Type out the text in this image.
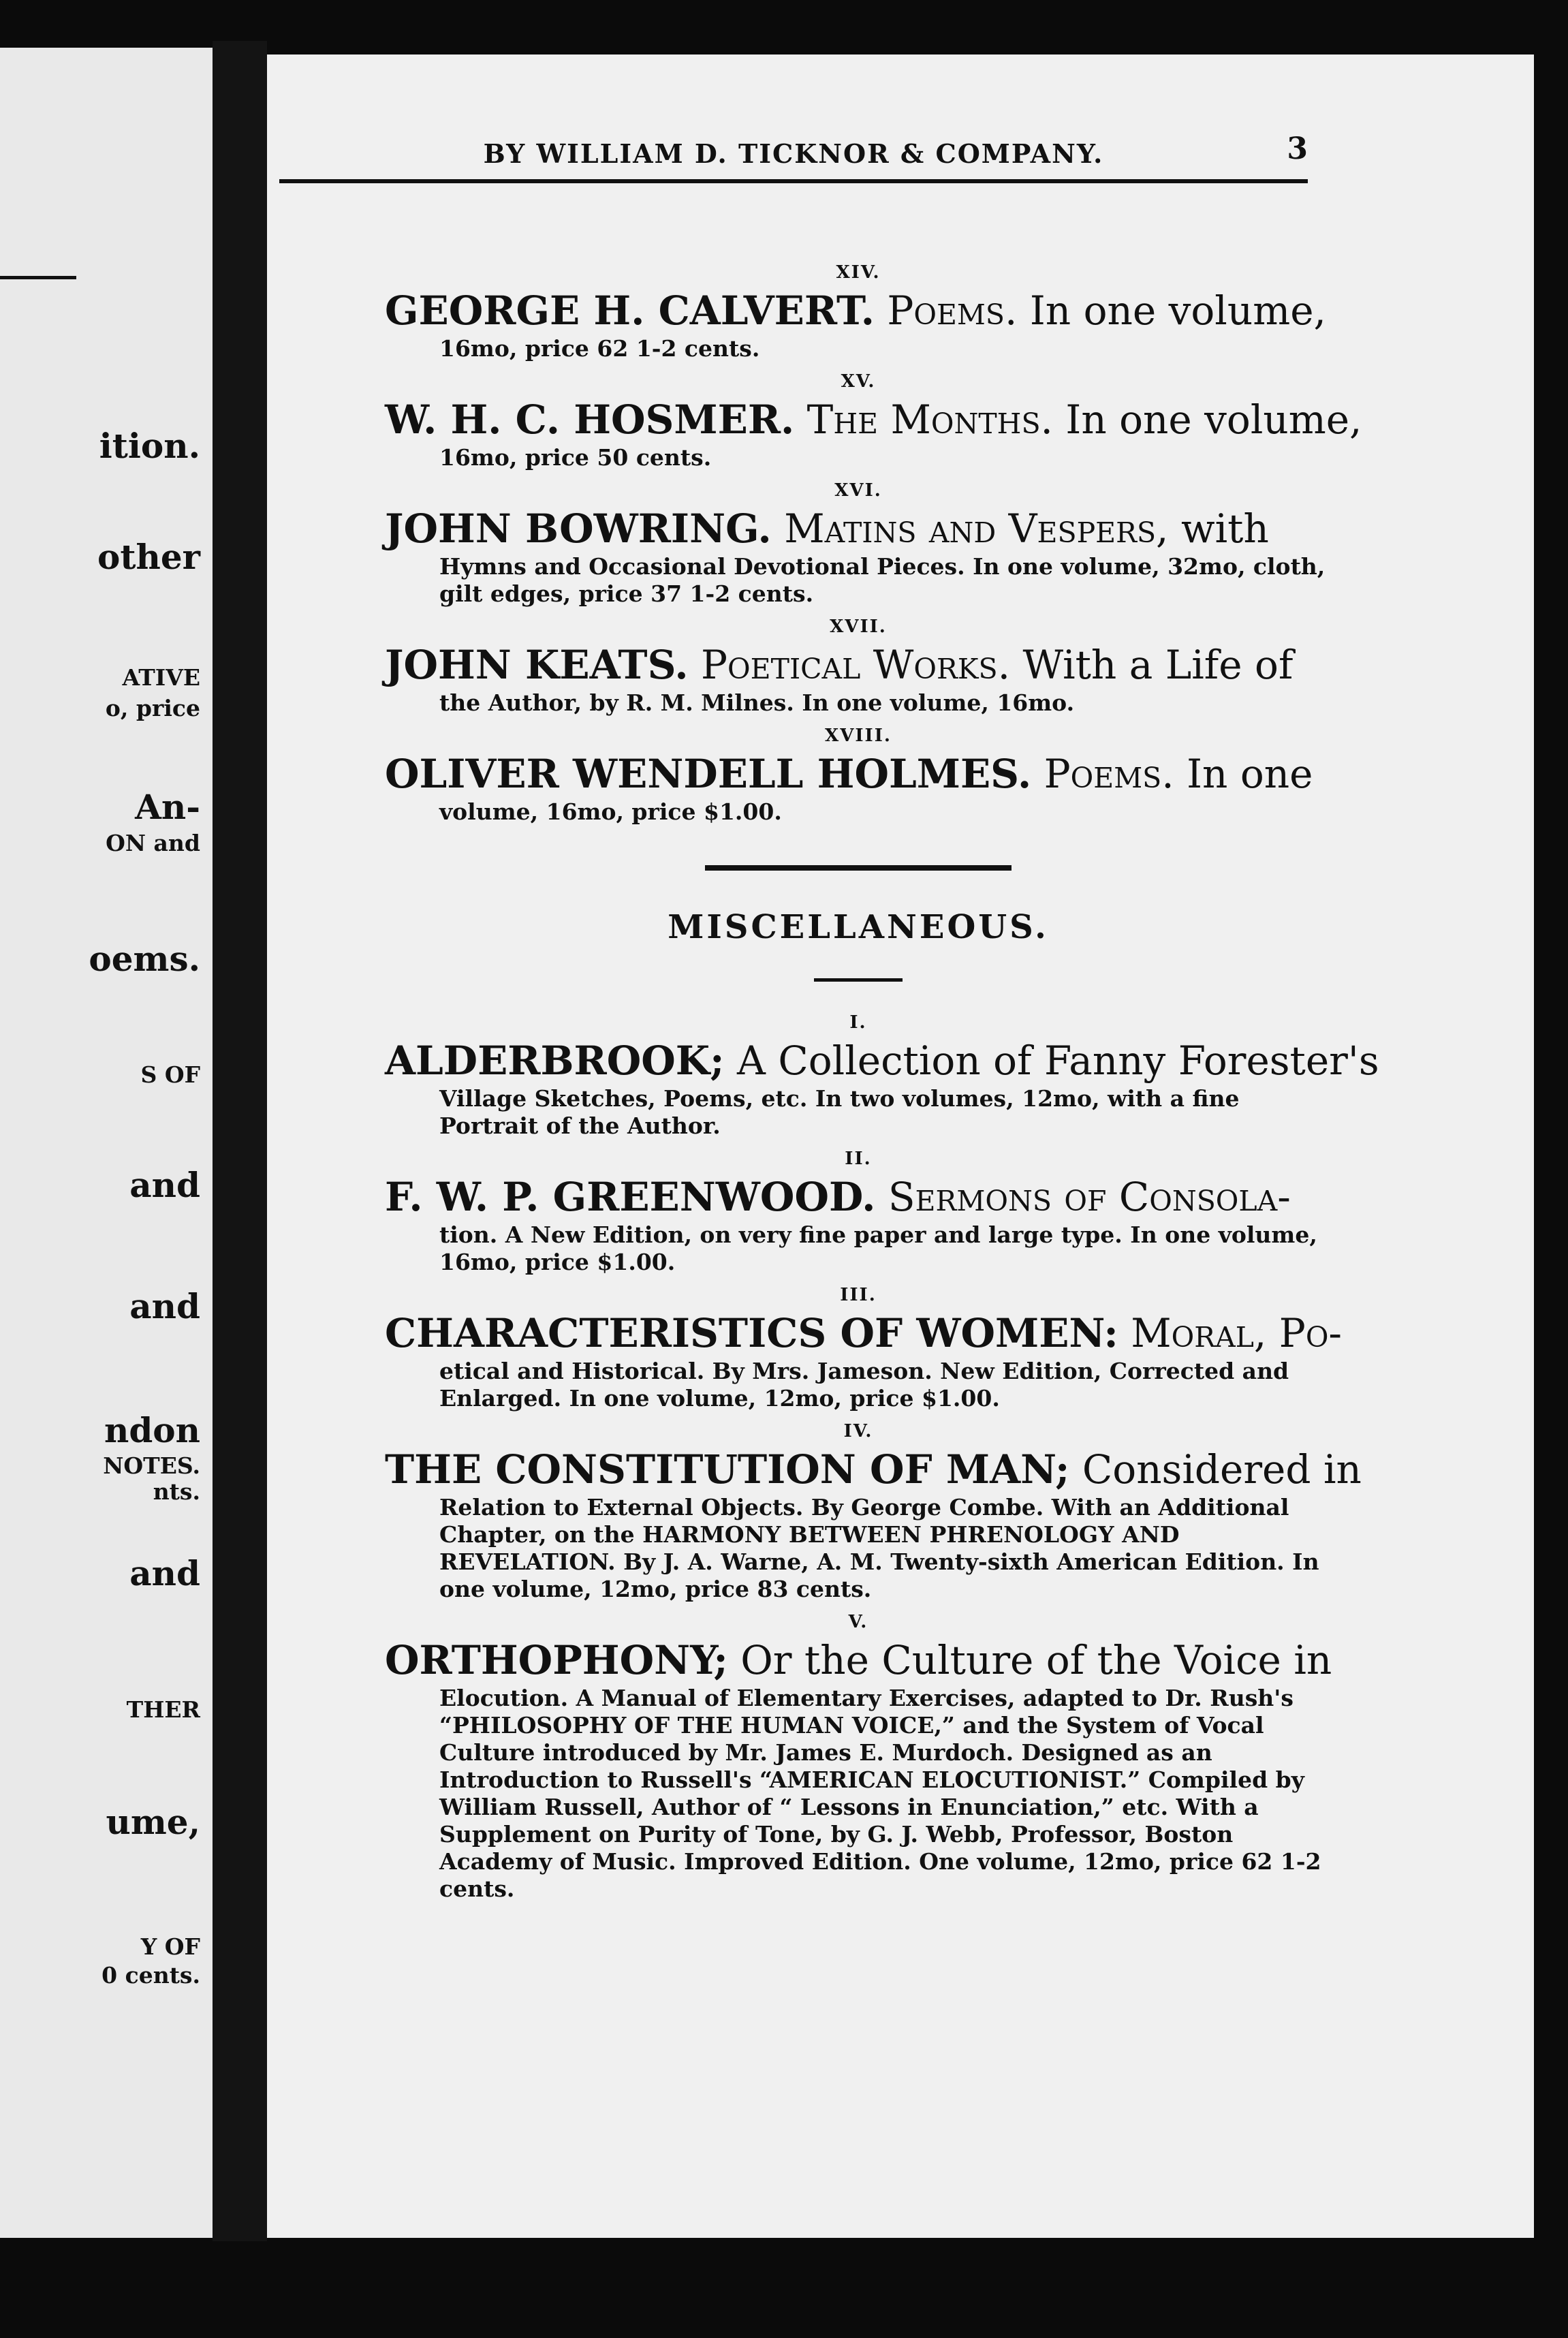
ition.
other
ATIVE
o, price
An-
ON and
oems.
S OF
and
and
ndon
NOTES.
nts.
and
THER
ume,
Y OF
0 cents.
BY WILLIAM D. TICKNOR & COMPANY.	3
XIV.
GEORGE H. CALVERT. Poems. In one volume,
16mo, price 62 1-2 cents.
XV.
W. H. C. HOSMER. The Months. In one volume,
16mo, price 50 cents.
XVI.
JOHN BOWRING. Matins and Vespers, with
Hymns and Occasional Devotional Pieces. In one volume, 32mo, cloth, gilt edges, price 37 1-2 cents.
XVII.
JOHN KEATS. Poetical Works. With a Life of
the Author, by R. M. Milnes. In one volume, 16mo.
XVIII.
OLIVER WENDELL HOLMES. Poems. In one
volume, 16mo, price $1.00.
MISCELLANEOUS.
I.
ALDERBROOK; A Collection of Fanny Forester's
Village Sketches, Poems, etc. In two volumes, 12mo, with a fine Portrait of the Author.
II.
F. W. P. GREENWOOD. Sermons of Consola-
tion. A New Edition, on very fine paper and large type. In one volume, 16mo, price $1.00.
III.
CHARACTERISTICS OF WOMEN: Moral, Po-
etical and Historical. By Mrs. Jameson. New Edition, Corrected and Enlarged. In one volume, 12mo, price $1.00.
IV.
THE CONSTITUTION OF MAN; Considered in
Relation to External Objects. By George Combe. With an Additional Chapter, on the HARMONY BETWEEN PHRENOLOGY AND REVELATION. By J. A. Warne, A. M. Twenty-sixth American Edition. In one volume, 12mo, price 83 cents.
V.
ORTHOPHONY; Or the Culture of the Voice in
Elocution. A Manual of Elementary Exercises, adapted to Dr. Rush's “PHILOSOPHY OF THE HUMAN VOICE,” and the System of Vocal Culture introduced by Mr. James E. Murdoch. Designed as an Introduction to Russell's “AMERICAN ELOCUTIONIST.” Compiled by William Russell, Author of “ Lessons in Enunciation,” etc. With a Supplement on Purity of Tone, by G. J. Webb, Professor, Boston Academy of Music. Improved Edition. One volume, 12mo, price 62 1-2 cents.
